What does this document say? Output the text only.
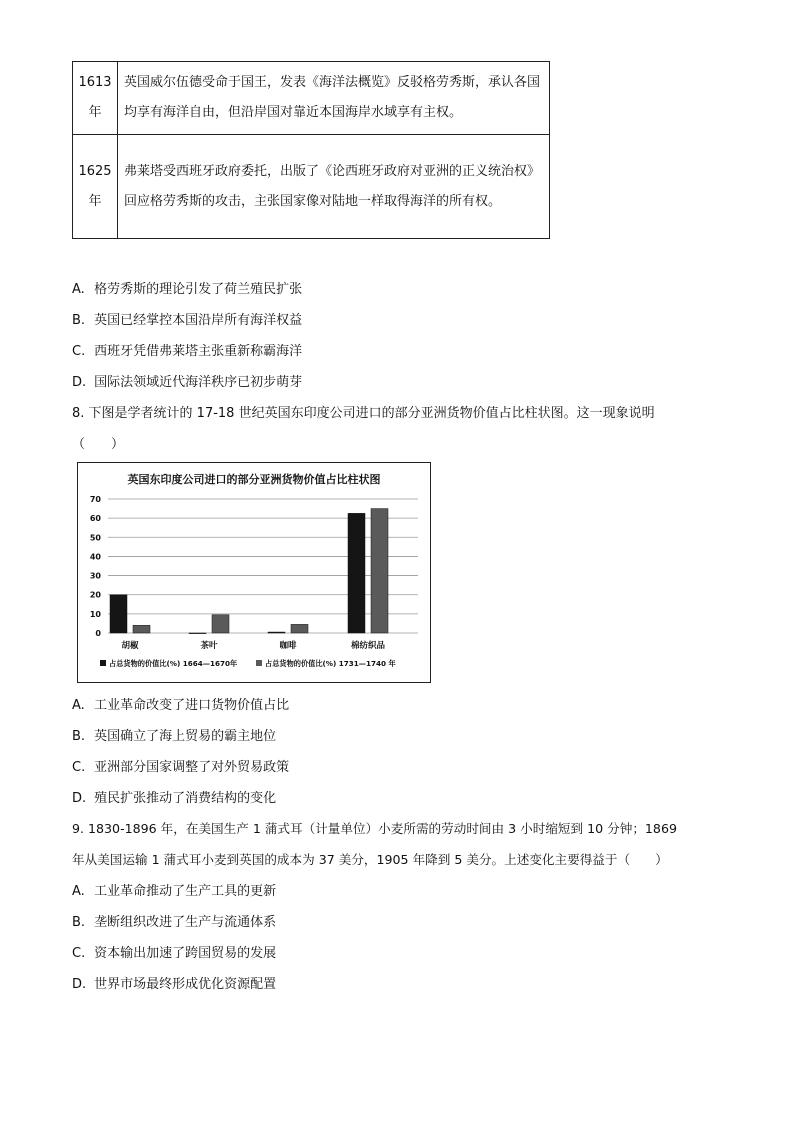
1613
年	英国威尔伍德受命于国王，发表《海洋法概览》反驳格劳秀斯，承认各国均享有海洋自由，但沿岸国对靠近本国海岸水域享有主权。

1625
年	弗莱塔受西班牙政府委托，出版了《论西班牙政府对亚洲的正义统治权》回应格劳秀斯的攻击，主张国家像对陆地一样取得海洋的所有权。
A. 格劳秀斯的理论引发了荷兰殖民扩张
B. 英国已经掌控本国沿岸所有海洋权益
C. 西班牙凭借弗莱塔主张重新称霸海洋
D. 国际法领域近代海洋秩序已初步萌芽
8. 下图是学者统计的 17-18 世纪英国东印度公司进口的部分亚洲货物价值占比柱状图。这一现象说明
（　　）
英国东印度公司进口的部分亚洲货物价值占比柱状图
0
10
20
30
40
50
60
70
胡椒	茶叶	咖啡	棉纺织品
占总货物的价值比(%) 1664—1670年	占总货物的价值比(%) 1731—1740 年
A. 工业革命改变了进口货物价值占比
B. 英国确立了海上贸易的霸主地位
C. 亚洲部分国家调整了对外贸易政策
D. 殖民扩张推动了消费结构的变化
9. 1830-1896 年，在美国生产 1 蒲式耳（计量单位）小麦所需的劳动时间由 3 小时缩短到 10 分钟；1869
年从美国运输 1 蒲式耳小麦到英国的成本为 37 美分，1905 年降到 5 美分。上述变化主要得益于（　　）
A. 工业革命推动了生产工具的更新
B. 垄断组织改进了生产与流通体系
C. 资本输出加速了跨国贸易的发展
D. 世界市场最终形成优化资源配置
